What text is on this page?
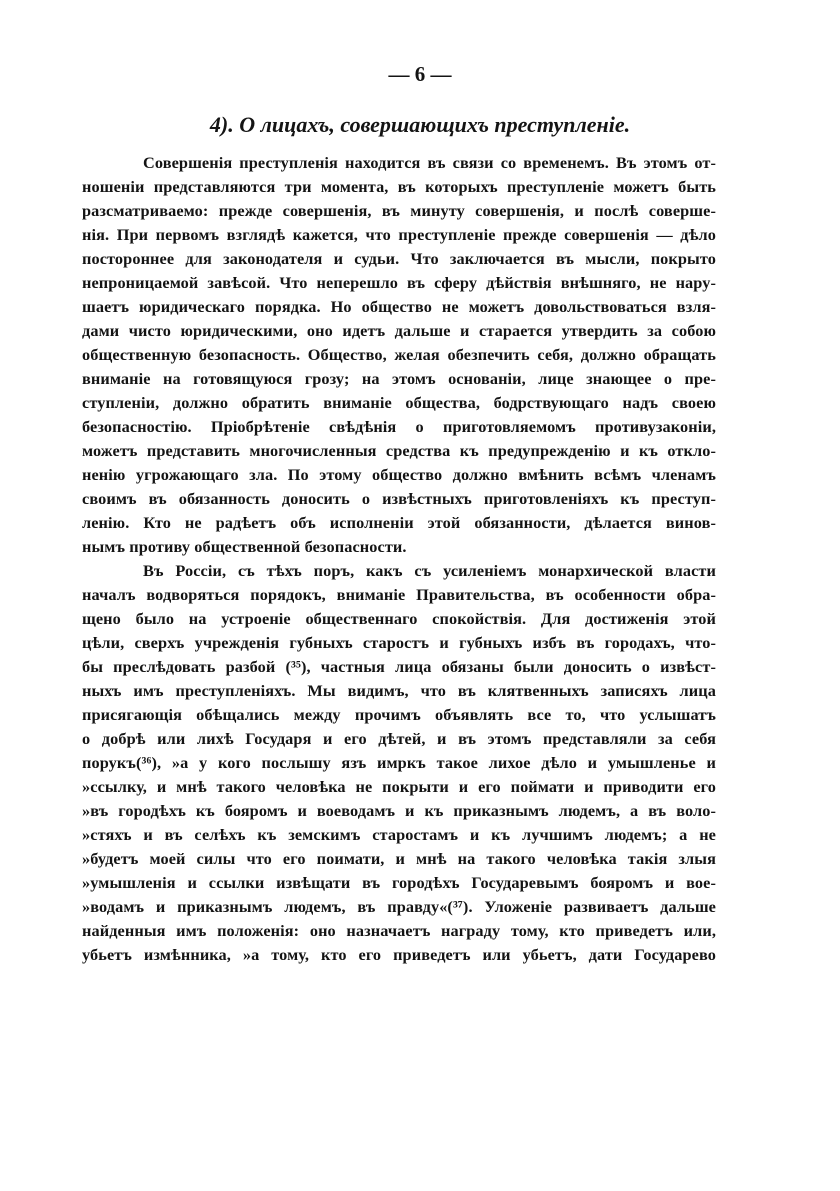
— 6 —
4). О лицахъ, совершающихъ преступленіе.
Совершенія преступленія находится въ связи со временемъ. Въ этомъ от-
ношеніи представляются три момента, въ которыхъ преступленіе можетъ быть
разсматриваемо: прежде совершенія, въ минуту совершенія, и послѣ соверше-
нія. При первомъ взглядѣ кажется, что преступленіе прежде совершенія — дѣло
постороннее для законодателя и судьи. Что заключается въ мысли, покрыто
непроницаемой завѣсой. Что неперешло въ сферу дѣйствія внѣшняго, не нару-
шаетъ юридическаго порядка. Но общество не можетъ довольствоваться взля-
дами чисто юридическими, оно идетъ дальше и старается утвердить за собою
общественную безопасность. Общество, желая обезпечить себя, должно обращать
вниманіе на готовящуюся грозу; на этомъ основаніи, лице знающее о пре-
ступленіи, должно обратить вниманіе общества, бодрствующаго надъ своею
безопасностію. Пріобрѣтеніе свѣдѣнія о приготовляемомъ противузаконіи,
можетъ представить многочисленныя средства къ предупрежденію и къ откло-
ненію угрожающаго зла. По этому общество должно вмѣнить всѣмъ членамъ
своимъ въ обязанность доносить о извѣстныхъ приготовленіяхъ къ преступ-
ленію. Кто не радѣетъ объ исполненіи этой обязанности, дѣлается винов-
нымъ противу общественной безопасности.
Въ Россіи, съ тѣхъ поръ, какъ съ усиленіемъ монархической власти
началъ водворяться порядокъ, вниманіе Правительства, въ особенности обра-
щено было на устроеніе общественнаго спокойствія. Для достиженія этой
цѣли, сверхъ учрежденія губныхъ старостъ и губныхъ избъ въ городахъ, что-
бы преслѣдовать разбой (³⁵), частныя лица обязаны были доносить о извѣст-
ныхъ имъ преступленіяхъ. Мы видимъ, что въ клятвенныхъ записяхъ лица
присягающія обѣщались между прочимъ объявлять все то, что услышатъ
о добрѣ или лихѣ Государя и его дѣтей, и въ этомъ представляли за себя
порукъ(³⁶), »а у кого послышу язъ имркъ такое лихое дѣло и умышленье и
»ссылку, и мнѣ такого человѣка не покрыти и его поймати и приводити его
»въ городѣхъ къ бояромъ и воеводамъ и къ приказнымъ людемъ, а въ воло-
»стяхъ и въ селѣхъ къ земскимъ старостамъ и къ лучшимъ людемъ; а не
»будетъ моей силы что его поимати, и мнѣ на такого человѣка такія злыя
»умышленія и ссылки извѣщати въ городѣхъ Государевымъ бояромъ и вое-
»водамъ и приказнымъ людемъ, въ правду«(³⁷). Уложеніе развиваетъ дальше
найденныя имъ положенія: оно назначаетъ награду тому, кто приведетъ или,
убьетъ измѣнника, »а тому, кто его приведетъ или убьетъ, дати Государево
